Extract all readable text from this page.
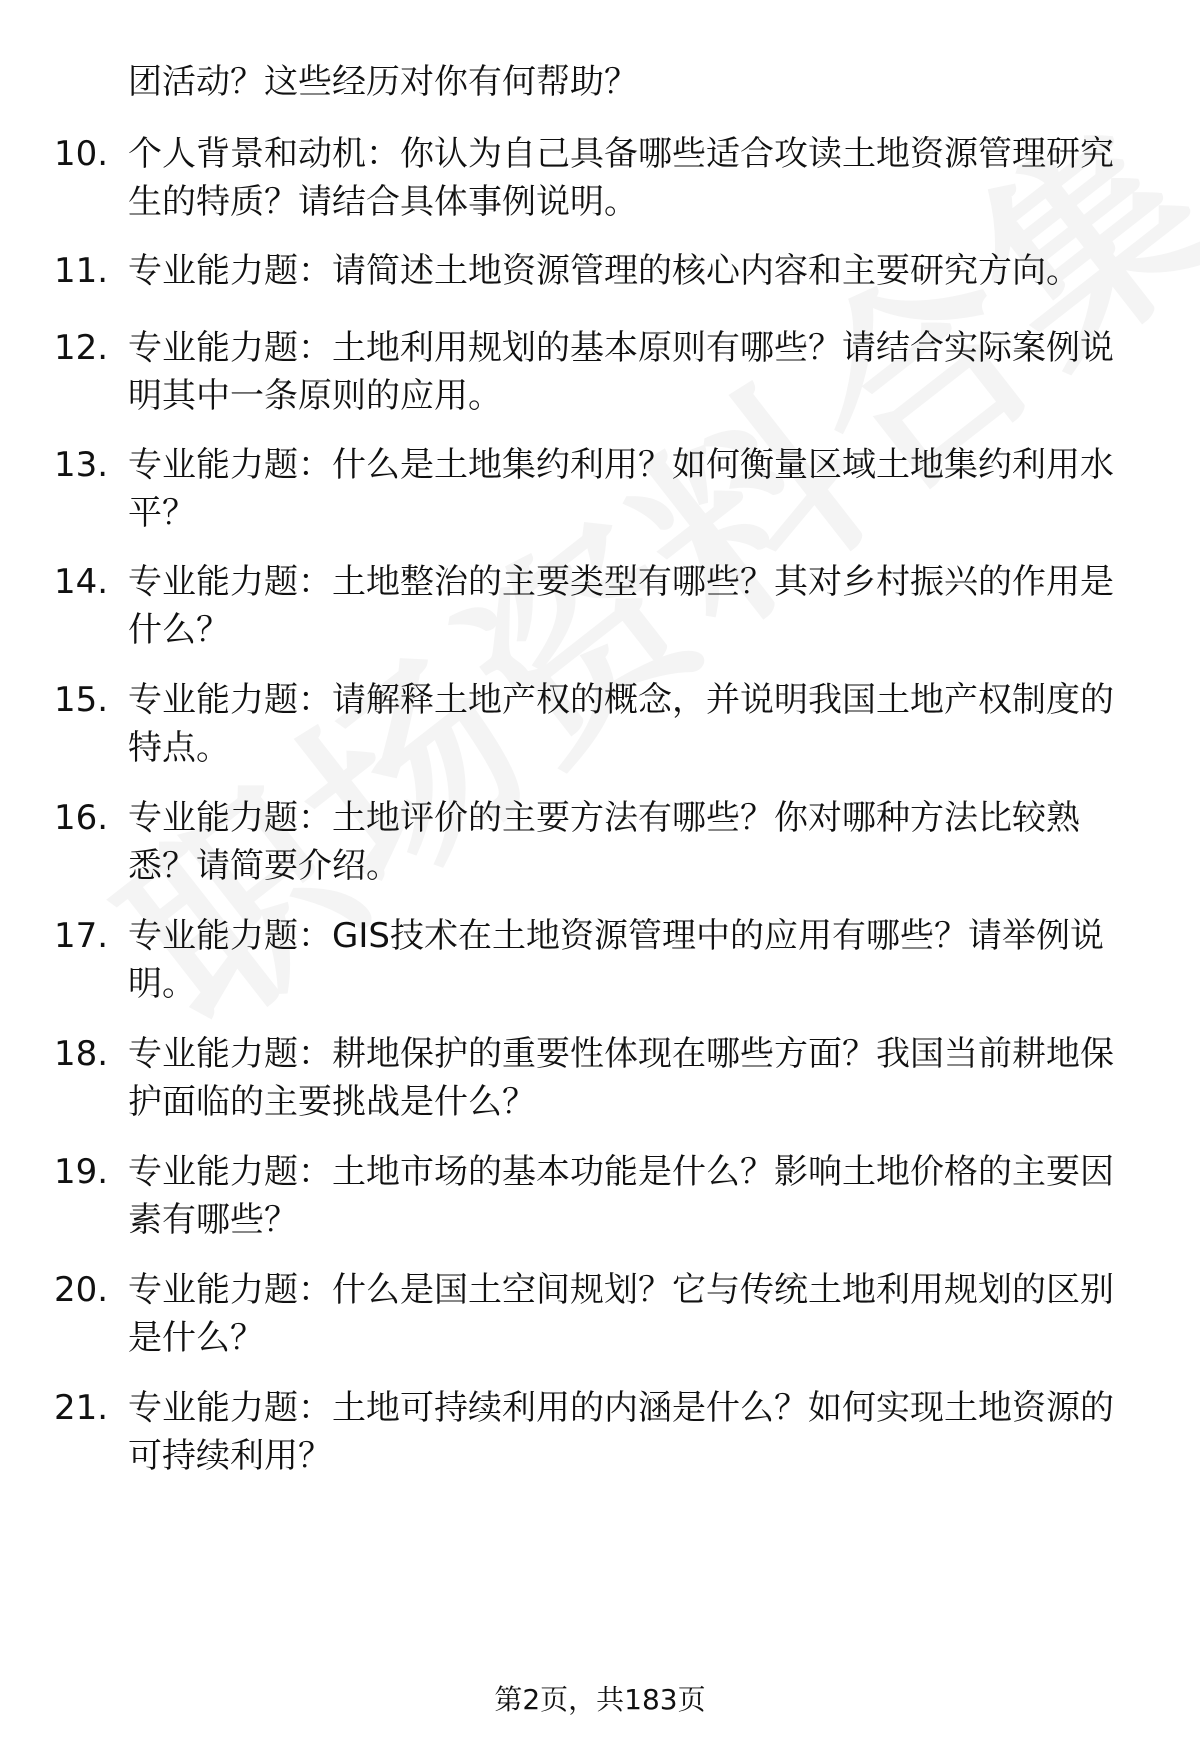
团活动？这些经历对你有何帮助？
10. 个人背景和动机：你认为自己具备哪些适合攻读土地资源管理研究生的特质？请结合具体事例说明。
11. 专业能力题：请简述土地资源管理的核心内容和主要研究方向。
12. 专业能力题：土地利用规划的基本原则有哪些？请结合实际案例说明其中一条原则的应用。
13. 专业能力题：什么是土地集约利用？如何衡量区域土地集约利用水平？
14. 专业能力题：土地整治的主要类型有哪些？其对乡村振兴的作用是什么？
15. 专业能力题：请解释土地产权的概念，并说明我国土地产权制度的特点。
16. 专业能力题：土地评价的主要方法有哪些？你对哪种方法比较熟悉？请简要介绍。
17. 专业能力题：GIS技术在土地资源管理中的应用有哪些？请举例说明。
18. 专业能力题：耕地保护的重要性体现在哪些方面？我国当前耕地保护面临的主要挑战是什么？
19. 专业能力题：土地市场的基本功能是什么？影响土地价格的主要因素有哪些？
20. 专业能力题：什么是国土空间规划？它与传统土地利用规划的区别是什么？
21. 专业能力题：土地可持续利用的内涵是什么？如何实现土地资源的可持续利用？
第2页，共183页
